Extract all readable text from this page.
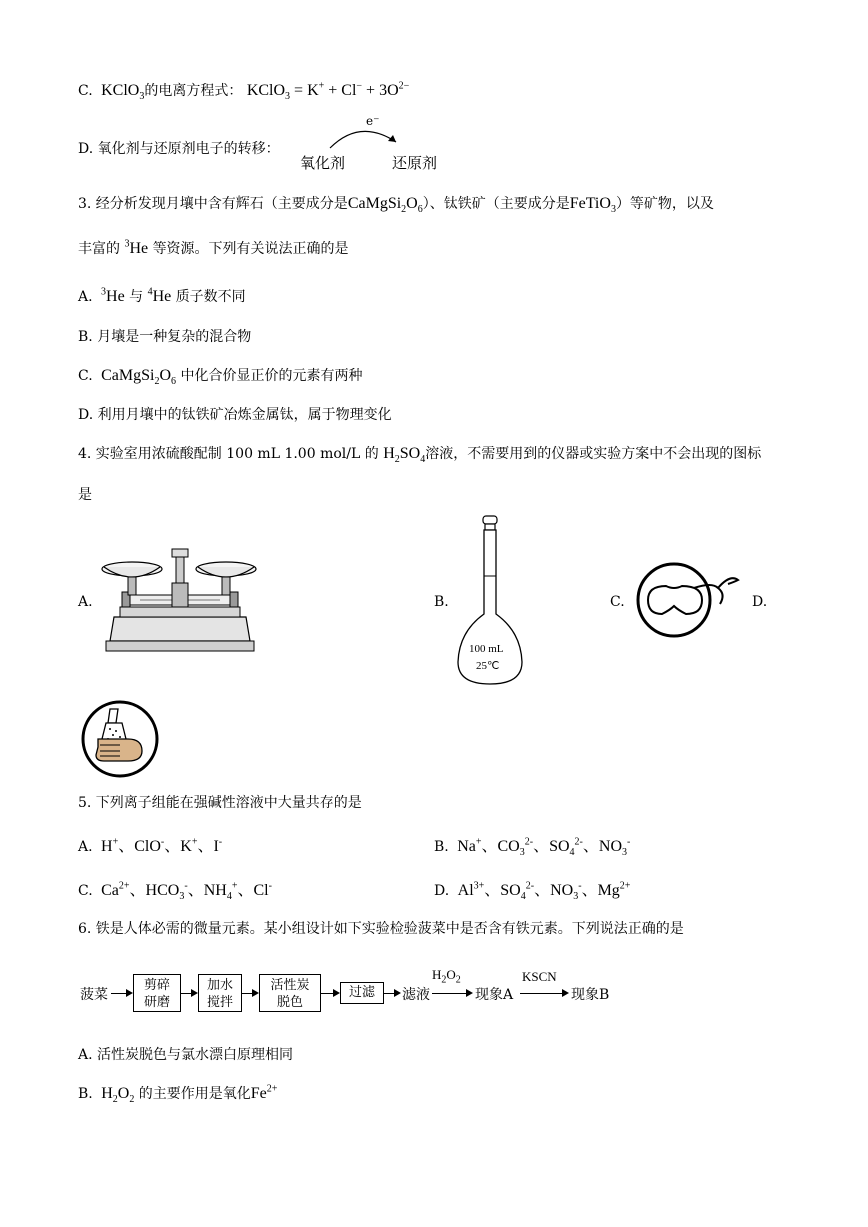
C.  KClO$_3$的电离方程式： KClO$_3$ = $K^+ + Cl^- + 3O^{2-}$
D. 氧化剂与还原剂电子的转移：
e⁻
氧化剂	还原剂
3. 经分析发现月壤中含有辉石（主要成分是$CaMgSi_2O_6$）、钛铁矿（主要成分是FeTiO$_3$）等矿物，以及
丰富的 $^3$He 等资源。下列有关说法正确的是
A. $^3$He 与 $^4$He 质子数不同
B. 月壤是一种复杂的混合物
C.  $CaMgSi_2O_6$ 中化合价显正价的元素有两种
D. 利用月壤中的钛铁矿冶炼金属钛，属于物理变化
4. 实验室用浓硫酸配制 100 mL 1.00 mol/L 的 $H_2SO_4$溶液，不需要用到的仪器或实验方案中不会出现的图标
是
A.	B.
100 mL
25℃
C.	D.
5. 下列离子组能在强碱性溶液中大量共存的是
A.  H+、ClO-、K+、I-	B.  Na+、$CO_3^{2-}$、$SO_4^{2-}$、$NO_3^-$
C.  $Ca^{2+}$、$HCO_3^-$、$NH_4^+$、Cl-	D.  $Al^{3+}$、$SO_4^{2-}$、$NO_3^-$、$Mg^{2+}$
6. 铁是人体必需的微量元素。某小组设计如下实验检验菠菜中是否含有铁元素。下列说法正确的是
菠菜
剪碎
研磨
加水
搅拌
活性炭
脱色
过滤	滤液
$H_2O_2$
现象A
KSCN
现象B
A. 活性炭脱色与氯水漂白原理相同
B.  $H_2O_2$ 的主要作用是氧化$Fe^{2+}$
